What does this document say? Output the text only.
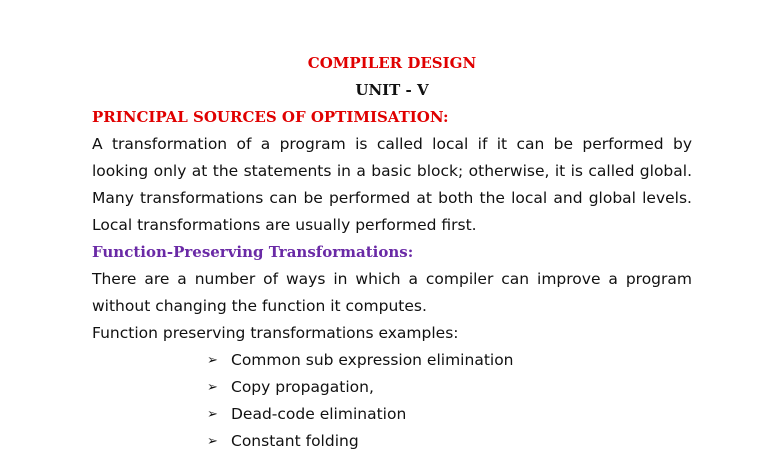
COMPILER DESIGN
UNIT - V
PRINCIPAL SOURCES OF OPTIMISATION:

A transformation of a program is called local if it can be performed by looking only at the statements in a basic block; otherwise, it is called global. Many transformations can be performed at both the local and global levels. Local transformations are usually performed first.

Function-Preserving Transformations:

There are a number of ways in which a compiler can improve a program without changing the function it computes.

Function preserving transformations examples:
➢ Common sub expression elimination
➢ Copy propagation,
➢ Dead-code elimination
➢ Constant folding
